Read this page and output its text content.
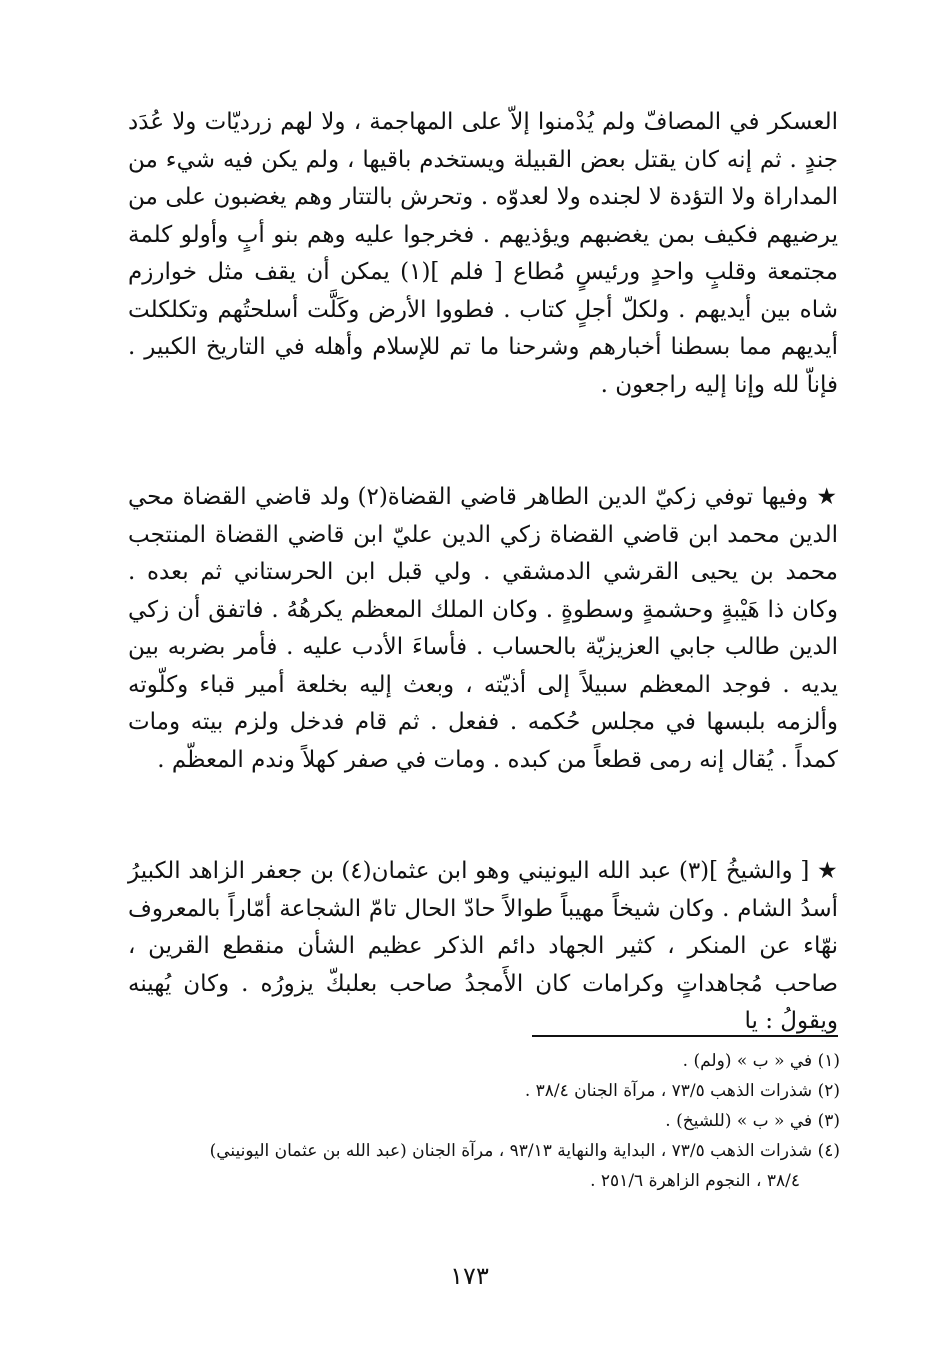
العسكر في المصافّ ولم يُدْمنوا إلاّ على المهاجمة ، ولا لهم زرديّات ولا عُدَد جندٍ . ثم إنه كان يقتل بعض القبيلة ويستخدم باقيها ، ولم يكن فيه شيء من المداراة ولا التؤدة لا لجنده ولا لعدوّه . وتحرش بالتتار وهم يغضبون على من يرضيهم فكيف بمن يغضبهم ويؤذيهم . فخرجوا عليه وهم بنو أبٍ وأولو كلمة مجتمعة وقلبٍ واحدٍ ورئيسٍ مُطاع [ فلم ](١) يمكن أن يقف مثل خوارزم شاه بين أيديهم . ولكلّ أجلٍ كتاب . فطووا الأرض وكَلَّت أسلحتُهم وتكلكلت أيديهم مما بسطنا أخبارهم وشرحنا ما تم للإسلام وأهله في التاريخ الكبير . فإناّ لله وإنا إليه راجعون .

★ وفيها توفي زكيّ الدين الطاهر قاضي القضاة(٢) ولد قاضي القضاة محي الدين محمد ابن قاضي القضاة زكي الدين عليّ ابن قاضي القضاة المنتجب محمد بن يحيى القرشي الدمشقي . ولي قبل ابن الحرستاني ثم بعده . وكان ذا هَيْبةٍ وحشمةٍ وسطوةٍ . وكان الملك المعظم يكرهُهُ . فاتفق أن زكي الدين طالب جابي العزيزيّة بالحساب . فأساءَ الأدب عليه . فأمر بضربه بين يديه . فوجد المعظم سبيلاً إلى أذيّته ، وبعث إليه بخلعة أمير قباء وكلّوته وألزمه بلبسها في مجلس حُكمه . ففعل . ثم قام فدخل ولزم بيته ومات كمداً . يُقال إنه رمى قطعاً من كبده . ومات في صفر كهلاً وندم المعظّم .

★ [ والشيخُ ](٣) عبد الله اليونيني وهو ابن عثمان(٤) بن جعفر الزاهد الكبيرُ أسدُ الشام . وكان شيخاً مهيباً طوالاً حادّ الحال تامّ الشجاعة أمّاراً بالمعروف نهّاء عن المنكر ، كثير الجهاد دائم الذكر عظيم الشأن منقطع القرين ، صاحب مُجاهداتٍ وكرامات كان الأَمجدُ صاحب بعلبكّ يزورُه . وكان يُهينه ويقولُ : يا

(١) في « ب » (ولم) .
(٢) شذرات الذهب ٧٣/٥ ، مرآة الجنان ٣٨/٤ .
(٣) في « ب » (للشيخ) .
(٤) شذرات الذهب ٧٣/٥ ، البداية والنهاية ٩٣/١٣ ، مرآة الجنان (عبد الله بن عثمان اليونيني)
٣٨/٤ ، النجوم الزاهرة ٢٥١/٦ .
١٧٣
